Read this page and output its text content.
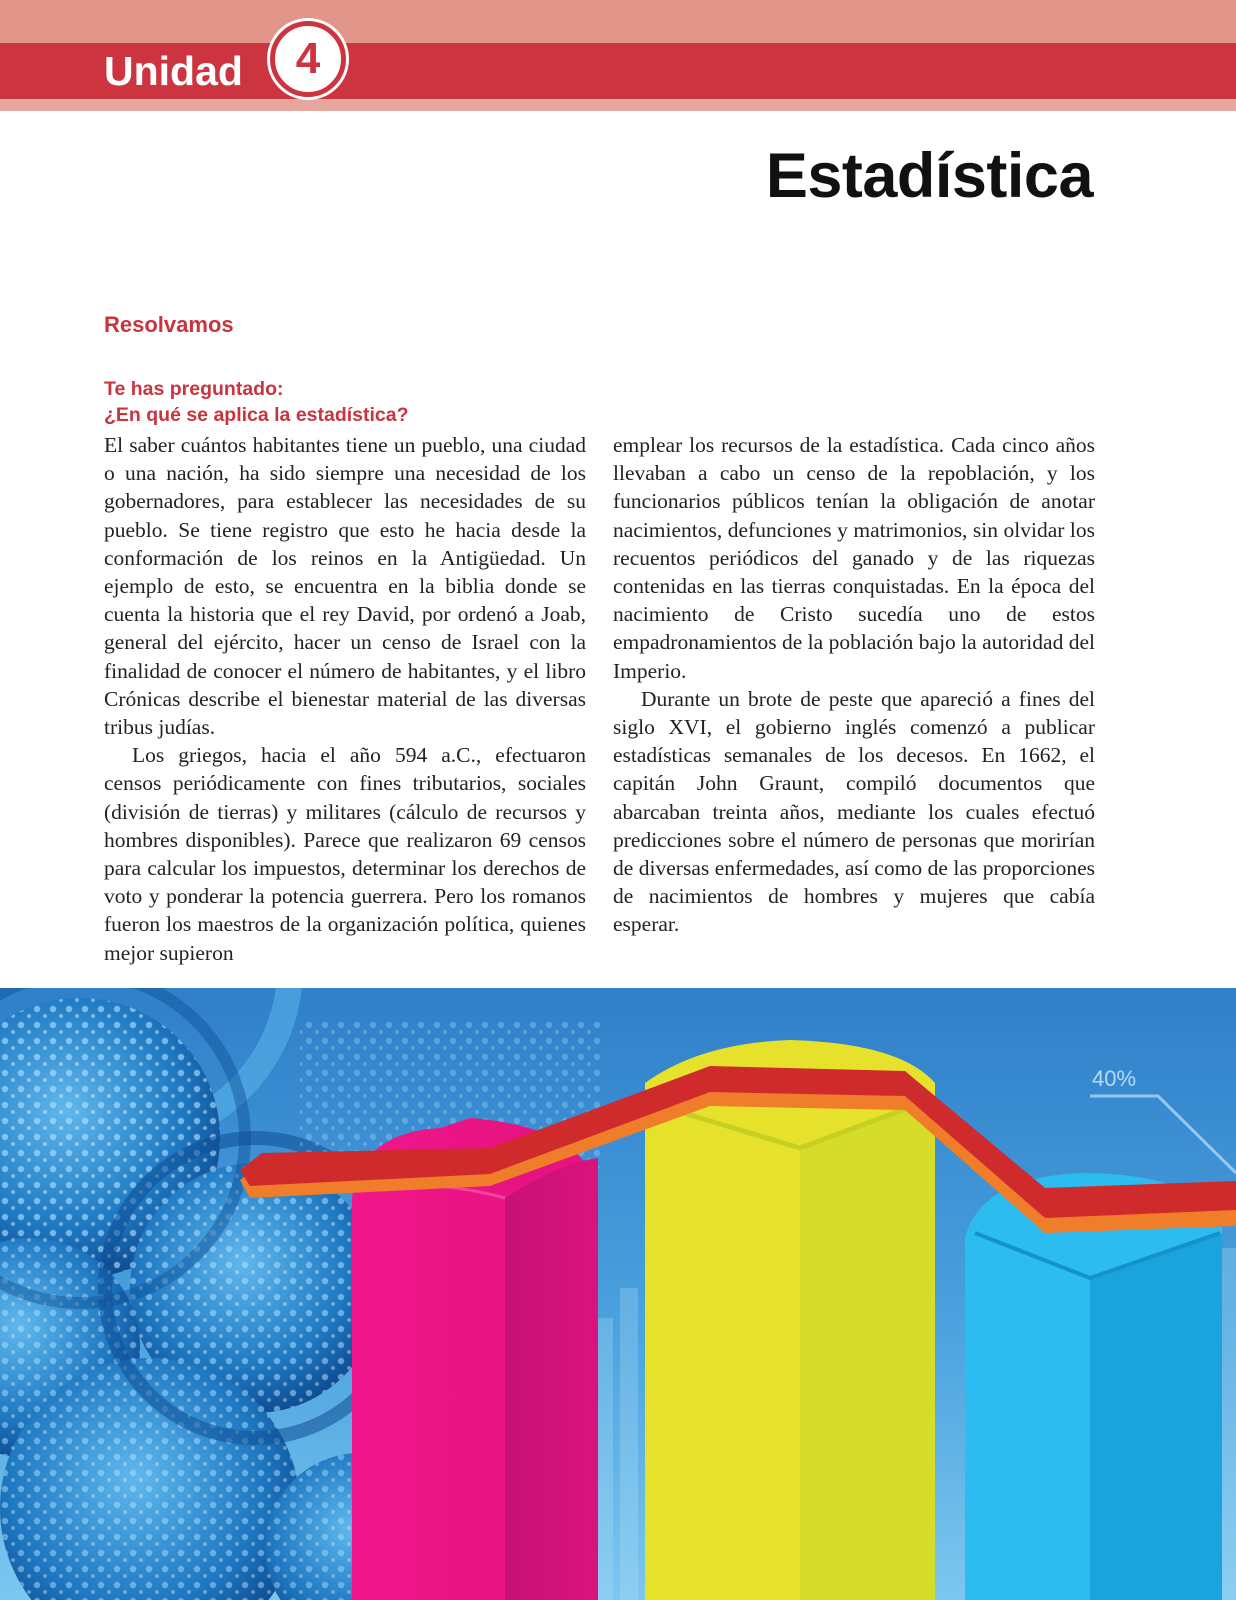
Unidad 4
Estadística
Resolvamos
Te has preguntado:
¿En qué se aplica la estadística?

El saber cuántos habitantes tiene un pueblo, una ciudad o una nación, ha sido siempre una necesidad de los gobernadores, para establecer las necesidades de su pueblo. Se tiene registro que esto he hacia desde la conformación de los reinos en la Antigüedad. Un ejemplo de esto, se encuentra en la biblia donde se cuenta la historia que el rey David, por ordenó a Joab, general del ejército, hacer un censo de Israel con la finalidad de conocer el número de habitantes, y el libro Crónicas describe el bienestar material de las diversas tribus judías.

Los griegos, hacia el año 594 a.C., efectuaron censos periódicamente con fines tributarios, sociales (división de tierras) y militares (cálculo de recursos y hombres disponibles). Parece que realizaron 69 censos para calcular los impuestos, determinar los derechos de voto y ponderar la potencia guerrera. Pero los romanos fueron los maestros de la organización política, quienes mejor supieron

emplear los recursos de la estadística. Cada cinco años llevaban a cabo un censo de la repoblación, y los funcionarios públicos tenían la obligación de anotar nacimientos, defunciones y matrimonios, sin olvidar los recuentos periódicos del ganado y de las riquezas contenidas en las tierras conquistadas. En la época del nacimiento de Cristo sucedía uno de estos empadronamientos de la población bajo la autoridad del Imperio.

Durante un brote de peste que apareció a fines del siglo XVI, el gobierno inglés comenzó a publicar estadísticas semanales de los decesos. En 1662, el capitán John Graunt, compiló documentos que abarcaban treinta años, mediante los cuales efectuó predicciones sobre el número de personas que morirían de diversas enfermedades, así como de las proporciones de nacimientos de hombres y mujeres que cabía esperar.

40%
